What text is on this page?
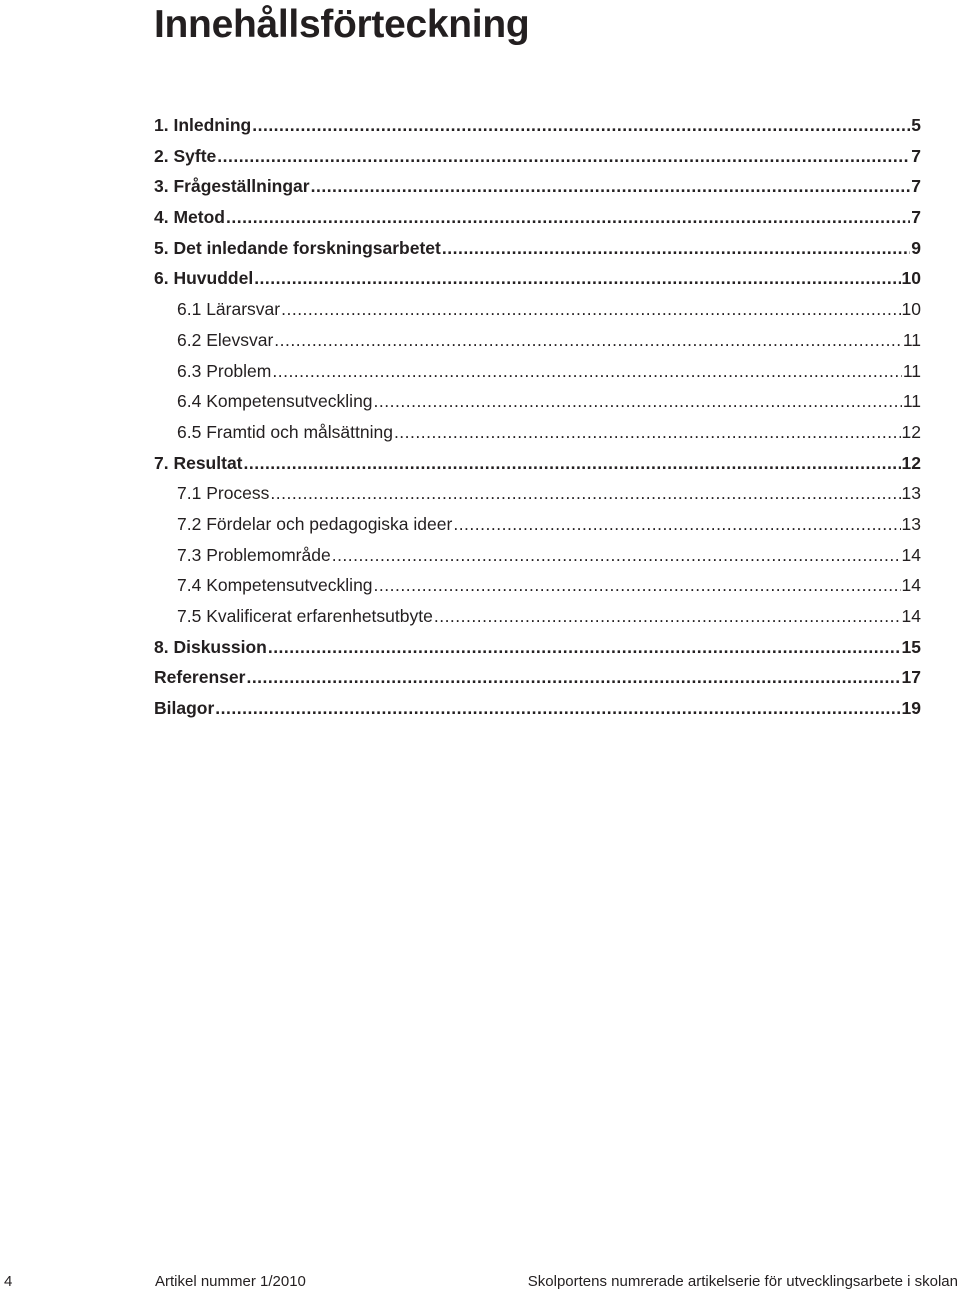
Innehållsförteckning
1. Inledning .....	5
2. Syfte .....	7
3. Frågeställningar .....	7
4. Metod .....	7
5. Det inledande forskningsarbetet .....	9
6. Huvuddel .....	10
6.1 Lärarsvar .....	10
6.2 Elevsvar .....	11
6.3 Problem .....	11
6.4 Kompetensutveckling .....	11
6.5 Framtid och målsättning .....	12
7. Resultat .....	12
7.1 Process .....	13
7.2 Fördelar och pedagogiska ideer .....	13
7.3 Problemområde .....	14
7.4 Kompetensutveckling .....	14
7.5 Kvalificerat erfarenhetsutbyte .....	14
8. Diskussion .....	15
Referenser .....	17
Bilagor .....	19
4	Artikel nummer 1/2010	Skolportens numrerade artikelserie för utvecklingsarbete i skolan
